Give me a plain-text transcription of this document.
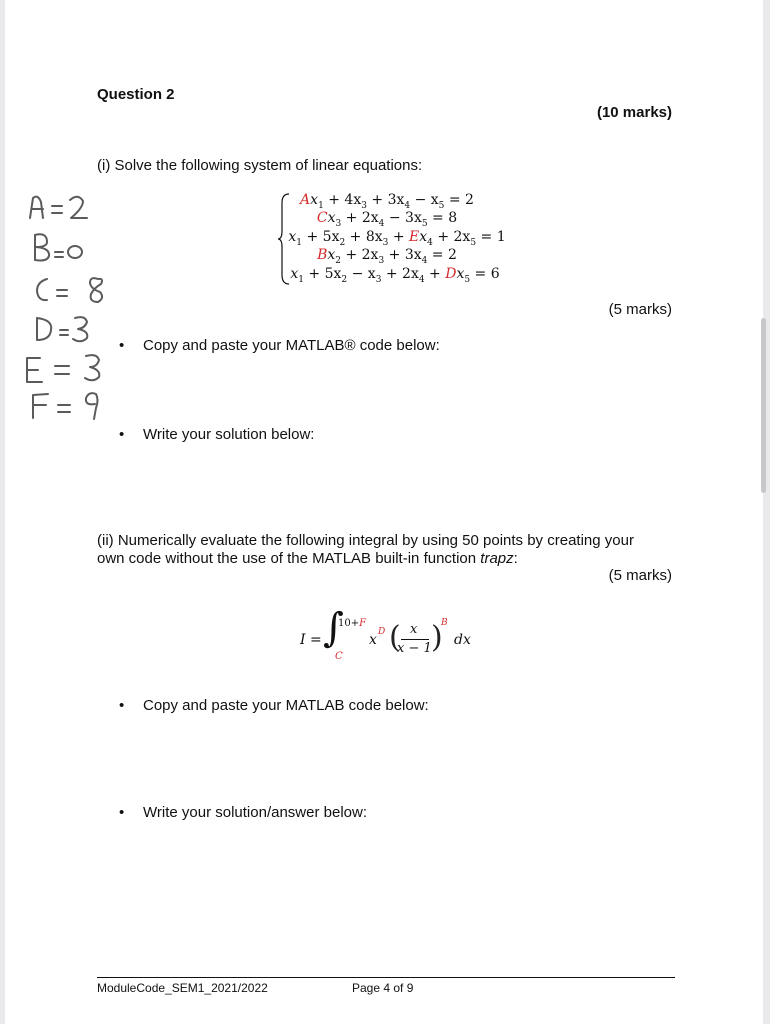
Question 2
(10 marks)
(i) Solve the following system of linear equations:
$Ax_1 + 4x_3 + 3x_4 - x_5 = 2$
$Cx_3 + 2x_4 - 3x_5 = 8$
$x_1 + 5x_2 + 8x_3 + Ex_4 + 2x_5 = 1$
$Bx_2 + 2x_3 + 3x_4 = 2$
$x_1 + 5x_2 - x_3 + 2x_4 + Dx_5 = 6$
(5 marks)
• Copy and paste your MATLAB® code below:
• Write your solution below:
(ii) Numerically evaluate the following integral by using 50 points by creating your
own code without the use of the MATLAB built-in function trapz:
(5 marks)
I = ∫
10+F
C
x D ( x
x − 1 )
B
dx
• Copy and paste your MATLAB code below:
• Write your solution/answer below:
ModuleCode_SEM1_2021/2022	Page 4 of 9
